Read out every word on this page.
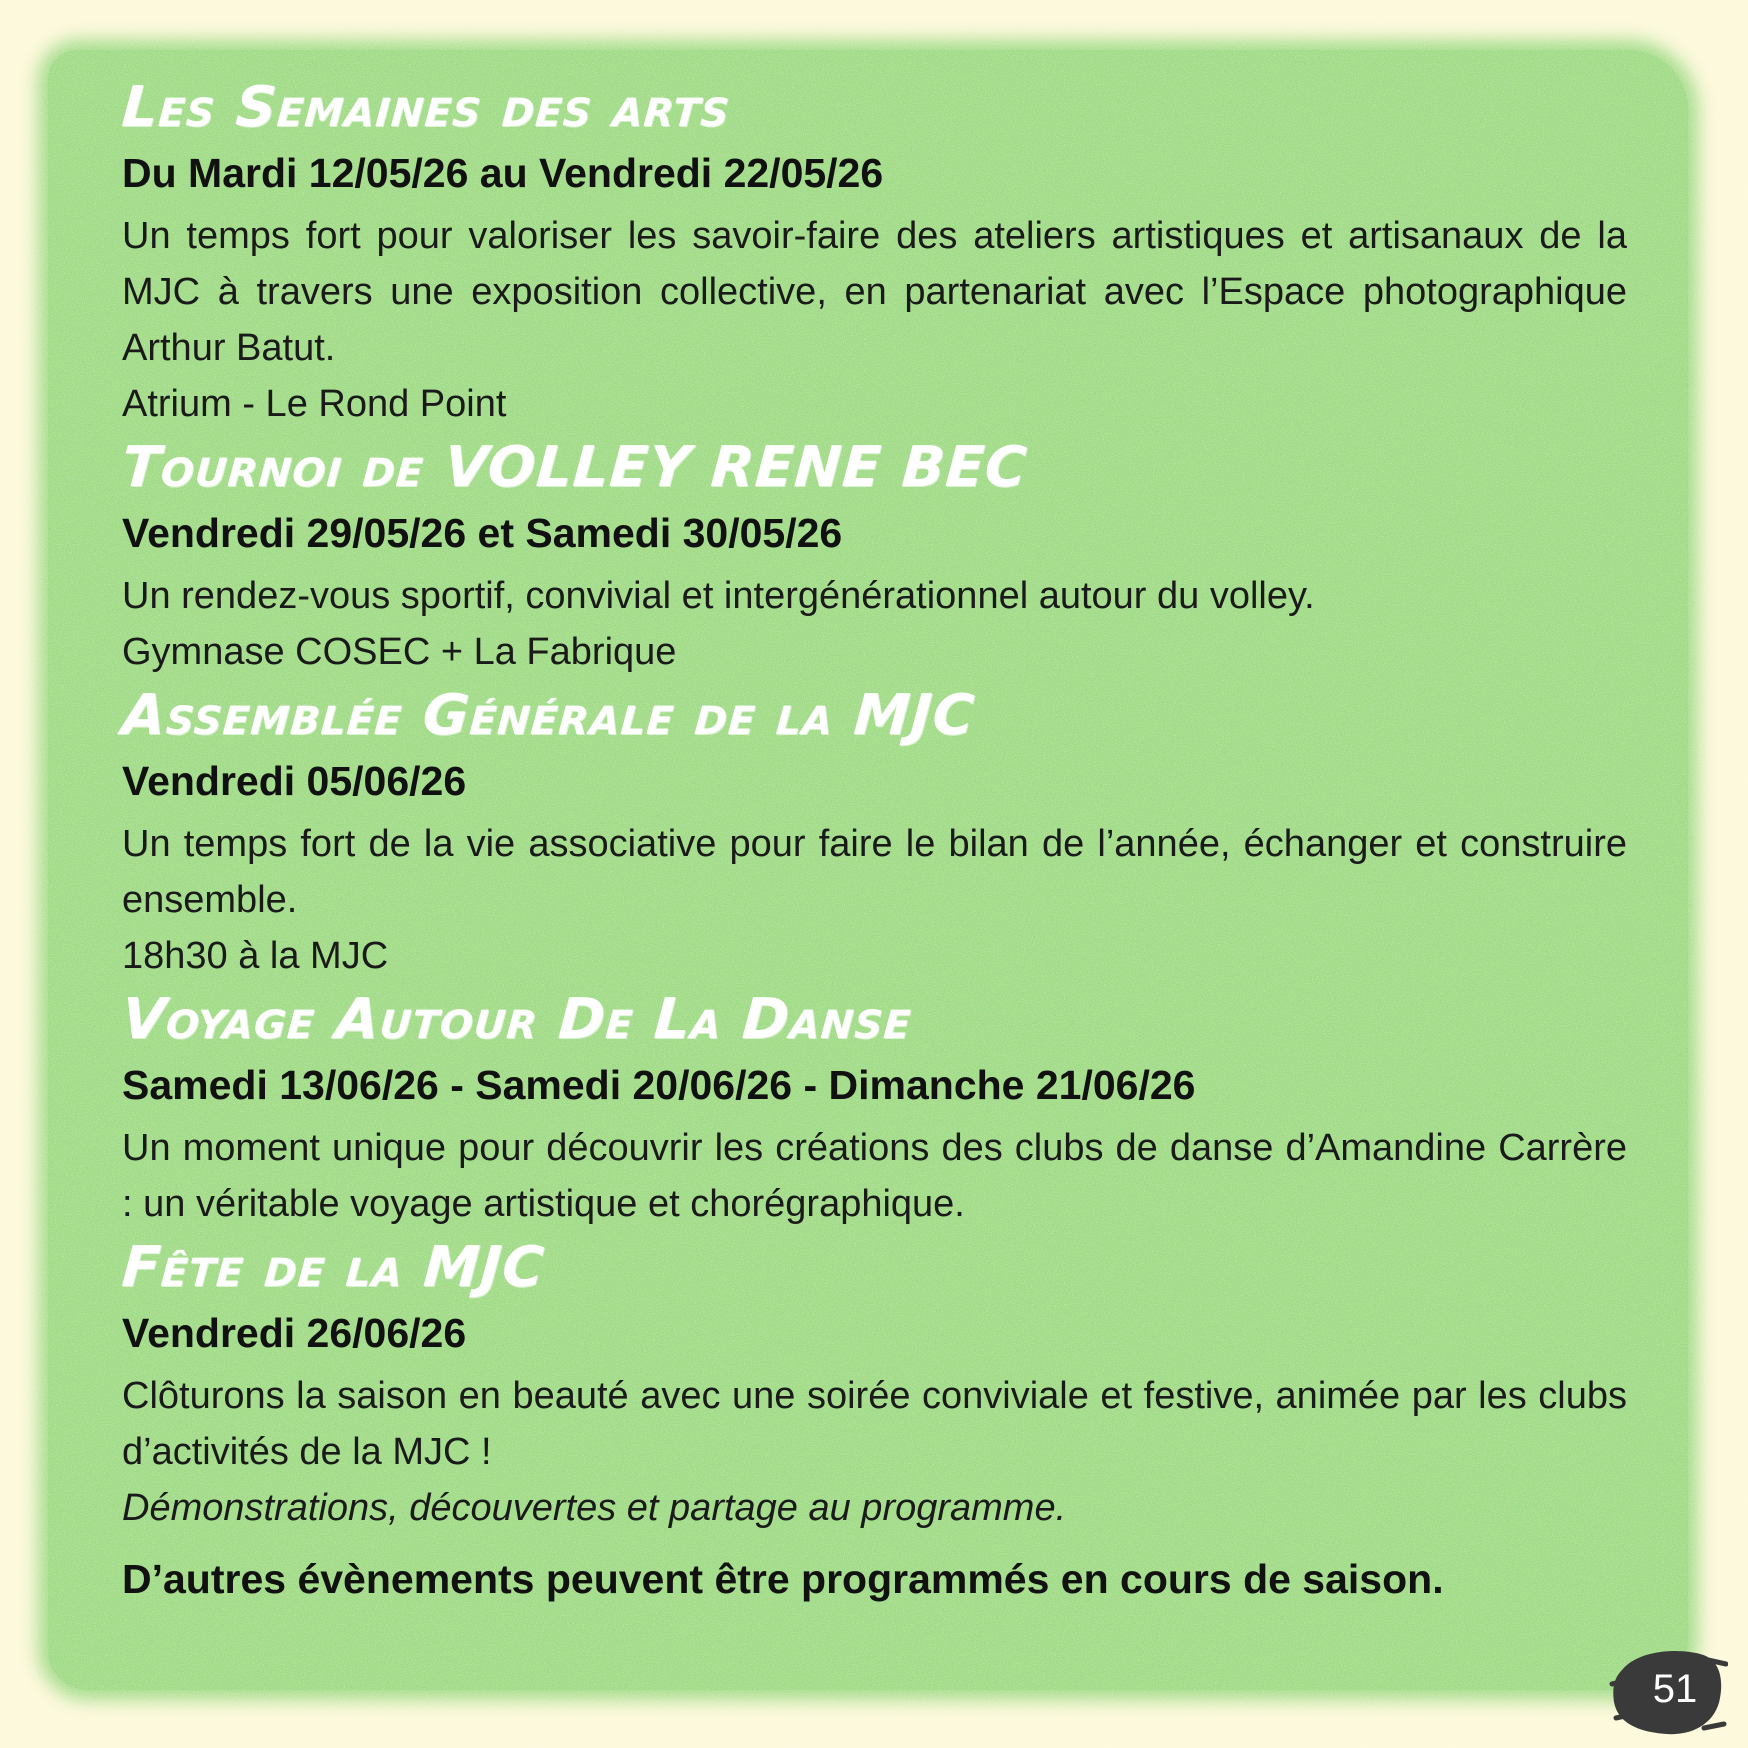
Les Semaines des arts

Du Mardi 12/05/26 au Vendredi 22/05/26

Un temps fort pour valoriser les savoir-faire des ateliers artistiques et artisanaux de la MJC à travers une exposition collective, en partenariat avec l’Espace photographique Arthur Batut.

Atrium - Le Rond Point

Tournoi de VOLLEY RENE BEC

Vendredi 29/05/26 et Samedi 30/05/26

Un rendez-vous sportif, convivial et intergénérationnel autour du volley.

Gymnase COSEC + La Fabrique

Assemblée Générale de la MJC

Vendredi 05/06/26

Un temps fort de la vie associative pour faire le bilan de l’année, échanger et construire ensemble.

18h30 à la MJC

Voyage Autour De La Danse

Samedi 13/06/26 - Samedi 20/06/26 - Dimanche 21/06/26

Un moment unique pour découvrir les créations des clubs de danse d’Amandine Carrère : un véritable voyage artistique et chorégraphique.

Fête de la MJC

Vendredi 26/06/26

Clôturons la saison en beauté avec une soirée conviviale et festive, animée par les clubs d’activités de la MJC !

Démonstrations, découvertes et partage au programme.

D’autres évènements peuvent être programmés en cours de saison.

51
